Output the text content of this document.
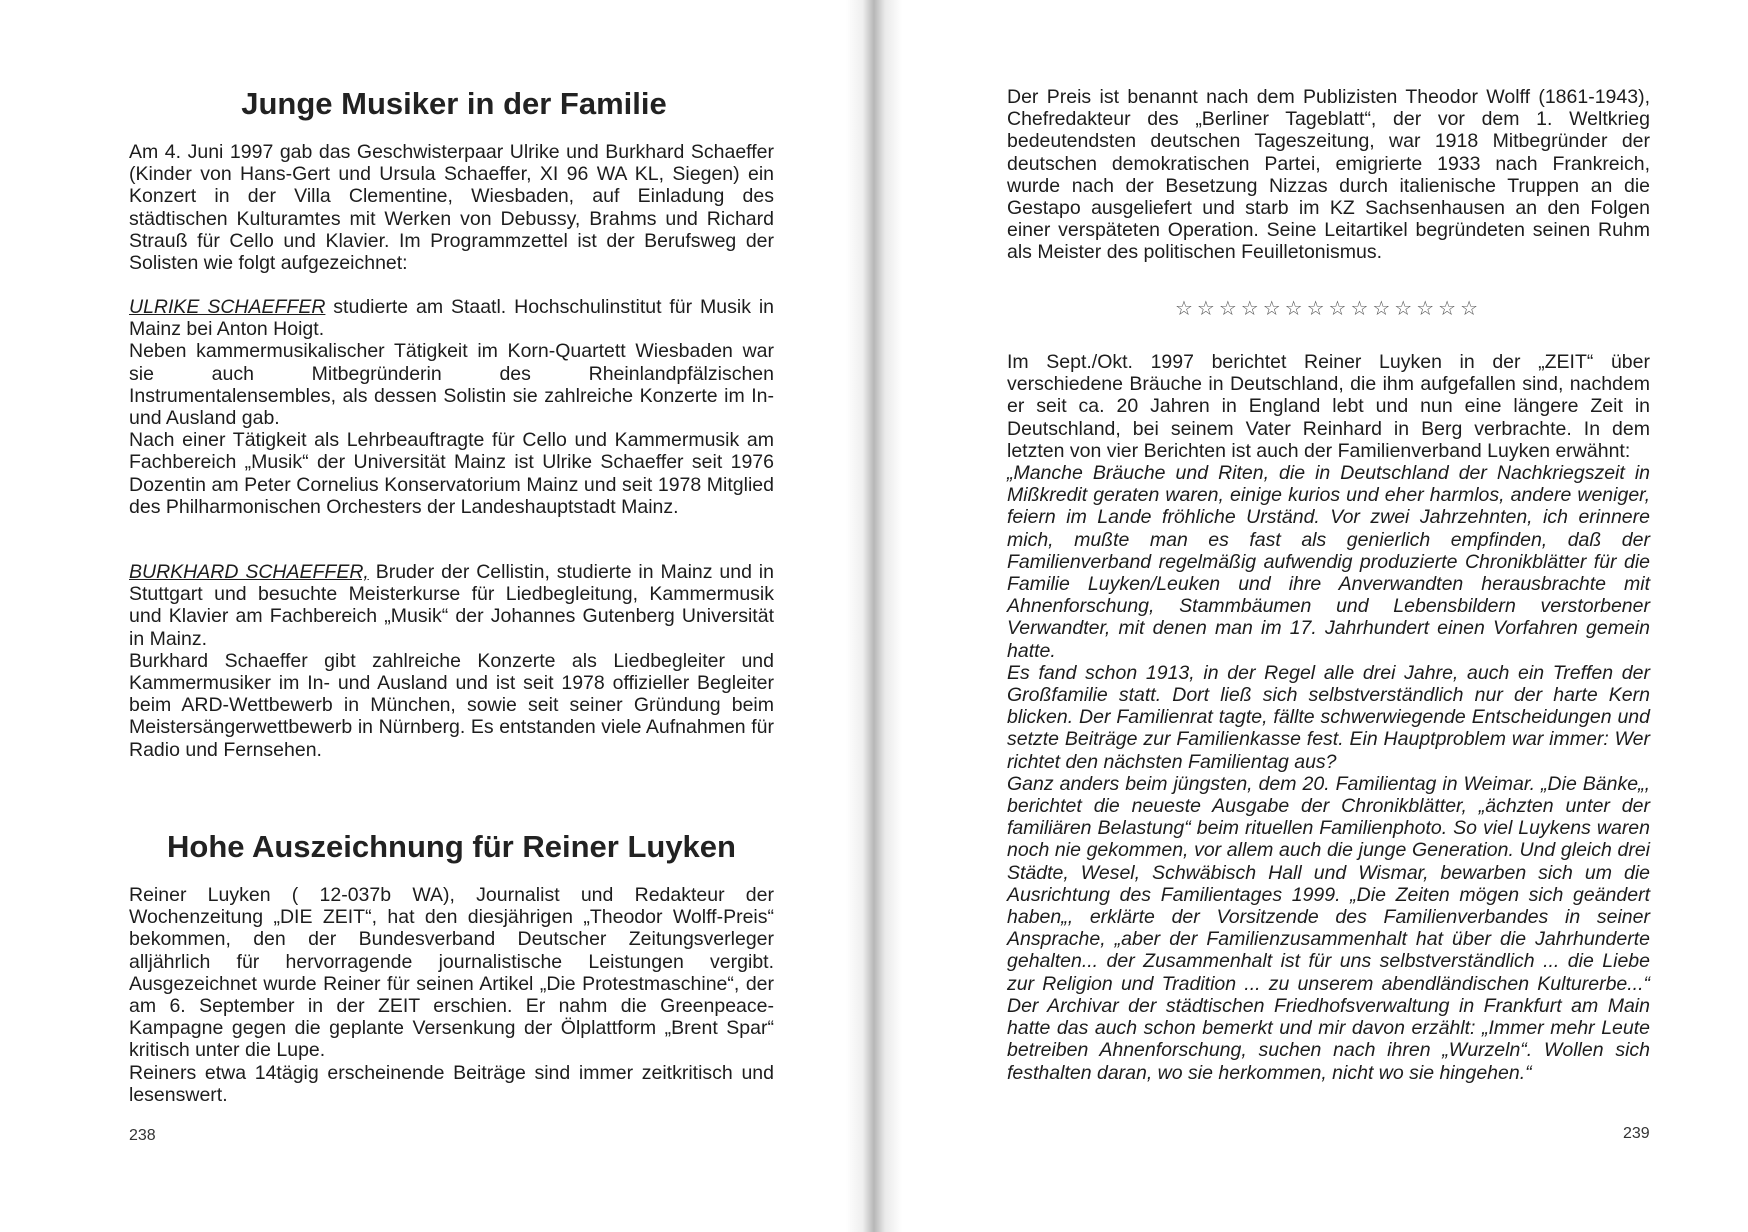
Junge Musiker in der Familie

Am 4. Juni 1997 gab das Geschwisterpaar Ulrike und Burkhard Schaeffer (Kinder von Hans-Gert und Ursula Schaeffer, XI 96 WA KL, Siegen) ein Konzert in der Villa Clementine, Wiesbaden, auf Einladung des städtischen Kulturamtes mit Werken von Debussy, Brahms und Richard Strauß für Cello und Klavier. Im Programmzettel ist der Berufsweg der Solisten wie folgt aufgezeichnet:

ULRIKE SCHAEFFER studierte am Staatl. Hochschulinstitut für Musik in Mainz bei Anton Hoigt.

Neben kammermusikalischer Tätigkeit im Korn-Quartett Wiesbaden war sie auch Mitbegründerin des Rheinlandpfälzischen Instrumentalensembles, als dessen Solistin sie zahlreiche Konzerte im In- und Ausland gab.

Nach einer Tätigkeit als Lehrbeauftragte für Cello und Kammermusik am Fachbereich „Musik“ der Universität Mainz ist Ulrike Schaeffer seit 1976 Dozentin am Peter Cornelius Konservatorium Mainz und seit 1978 Mitglied des Philharmonischen Orchesters der Landeshauptstadt Mainz.

BURKHARD SCHAEFFER, Bruder der Cellistin, studierte in Mainz und in Stuttgart und besuchte Meisterkurse für Liedbegleitung, Kammermusik und Klavier am Fachbereich „Musik“ der Johannes Gutenberg Universität in Mainz.

Burkhard Schaeffer gibt zahlreiche Konzerte als Liedbegleiter und Kammermusiker im In- und Ausland und ist seit 1978 offizieller Begleiter beim ARD-Wettbewerb in München, sowie seit seiner Gründung beim Meistersängerwettbewerb in Nürnberg. Es entstanden viele Aufnahmen für Radio und Fernsehen.

Hohe Auszeichnung für Reiner Luyken

Reiner Luyken ( 12-037b WA), Journalist und Redakteur der Wochenzeitung „DIE ZEIT“, hat den diesjährigen „Theodor Wolff-Preis“ bekommen, den der Bundesverband Deutscher Zeitungsverleger alljährlich für hervorragende journalistische Leistungen vergibt. Ausgezeichnet wurde Reiner für seinen Artikel „Die Protestmaschine“, der am 6. September in der ZEIT erschien. Er nahm die Greenpeace-Kampagne gegen die geplante Versenkung der Ölplattform „Brent Spar“ kritisch unter die Lupe.

Reiners etwa 14tägig erscheinende Beiträge sind immer zeitkritisch und lesenswert.

238

Der Preis ist benannt nach dem Publizisten Theodor Wolff (1861-1943), Chefredakteur des „Berliner Tageblatt“, der vor dem 1. Weltkrieg bedeutendsten deutschen Tageszeitung, war 1918 Mitbegründer der deutschen demokratischen Partei, emigrierte 1933 nach Frankreich, wurde nach der Besetzung Nizzas durch italienische Truppen an die Gestapo ausgeliefert und starb im KZ Sachsenhausen an den Folgen einer verspäteten Operation. Seine Leitartikel begründeten seinen Ruhm als Meister des politischen Feuilletonismus.

☆☆☆☆☆☆☆☆☆☆☆☆☆☆

Im Sept./Okt. 1997 berichtet Reiner Luyken in der „ZEIT“ über verschiedene Bräuche in Deutschland, die ihm aufgefallen sind, nachdem er seit ca. 20 Jahren in England lebt und nun eine längere Zeit in Deutschland, bei seinem Vater Reinhard in Berg verbrachte. In dem letzten von vier Berichten ist auch der Familienverband Luyken erwähnt:

„Manche Bräuche und Riten, die in Deutschland der Nachkriegszeit in Mißkredit geraten waren, einige kurios und eher harmlos, andere weniger, feiern im Lande fröhliche Urständ. Vor zwei Jahrzehnten, ich erinnere mich, mußte man es fast als genierlich empfinden, daß der Familienverband regelmäßig aufwendig produzierte Chronikblätter für die Familie Luyken/Leuken und ihre Anverwandten herausbrachte mit Ahnenforschung, Stammbäumen und Lebensbildern verstorbener Verwandter, mit denen man im 17. Jahrhundert einen Vorfahren gemein hatte.

Es fand schon 1913, in der Regel alle drei Jahre, auch ein Treffen der Großfamilie statt. Dort ließ sich selbstverständlich nur der harte Kern blicken. Der Familienrat tagte, fällte schwerwiegende Entscheidungen und setzte Beiträge zur Familienkasse fest. Ein Hauptproblem war immer: Wer richtet den nächsten Familientag aus?

Ganz anders beim jüngsten, dem 20. Familientag in Weimar. „Die Bänke„, berichtet die neueste Ausgabe der Chronikblätter, „ächzten unter der familiären Belastung“ beim rituellen Familienphoto. So viel Luykens waren noch nie gekommen, vor allem auch die junge Generation. Und gleich drei Städte, Wesel, Schwäbisch Hall und Wismar, bewarben sich um die Ausrichtung des Familientages 1999. „Die Zeiten mögen sich geändert haben„, erklärte der Vorsitzende des Familienverbandes in seiner Ansprache, „aber der Familienzusammenhalt hat über die Jahrhunderte gehalten... der Zusammenhalt ist für uns selbstverständlich ... die Liebe zur Religion und Tradition ... zu unserem abendländischen Kulturerbe...“ Der Archivar der städtischen Friedhofsverwaltung in Frankfurt am Main hatte das auch schon bemerkt und mir davon erzählt: „Immer mehr Leute betreiben Ahnenforschung, suchen nach ihren „Wurzeln“. Wollen sich festhalten daran, wo sie herkommen, nicht wo sie hingehen.“

239
